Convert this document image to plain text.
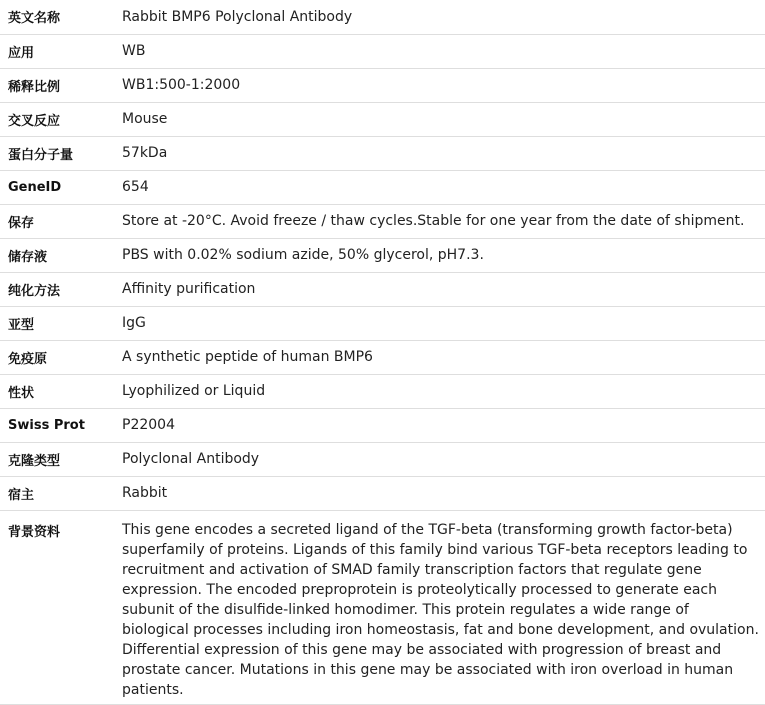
英文名称	Rabbit BMP6 Polyclonal Antibody
应用	WB
稀释比例	WB1:500-1:2000
交叉反应	Mouse
蛋白分子量	57kDa
GeneID	654
保存	Store at -20°C. Avoid freeze / thaw cycles.Stable for one year from the date of shipment.
储存液	PBS with 0.02% sodium azide, 50% glycerol, pH7.3.
纯化方法	Affinity purification
亚型	IgG
免疫原	A synthetic peptide of human BMP6
性状	Lyophilized or Liquid
Swiss Prot	P22004
克隆类型	Polyclonal Antibody
宿主	Rabbit
背景资料	This gene encodes a secreted ligand of the TGF-beta (transforming growth factor-beta) superfamily of proteins. Ligands of this family bind various TGF-beta receptors leading to recruitment and activation of SMAD family transcription factors that regulate gene expression. The encoded preproprotein is proteolytically processed to generate each subunit of the disulfide-linked homodimer. This protein regulates a wide range of biological processes including iron homeostasis, fat and bone development, and ovulation. Differential expression of this gene may be associated with progression of breast and prostate cancer. Mutations in this gene may be associated with iron overload in human patients.
